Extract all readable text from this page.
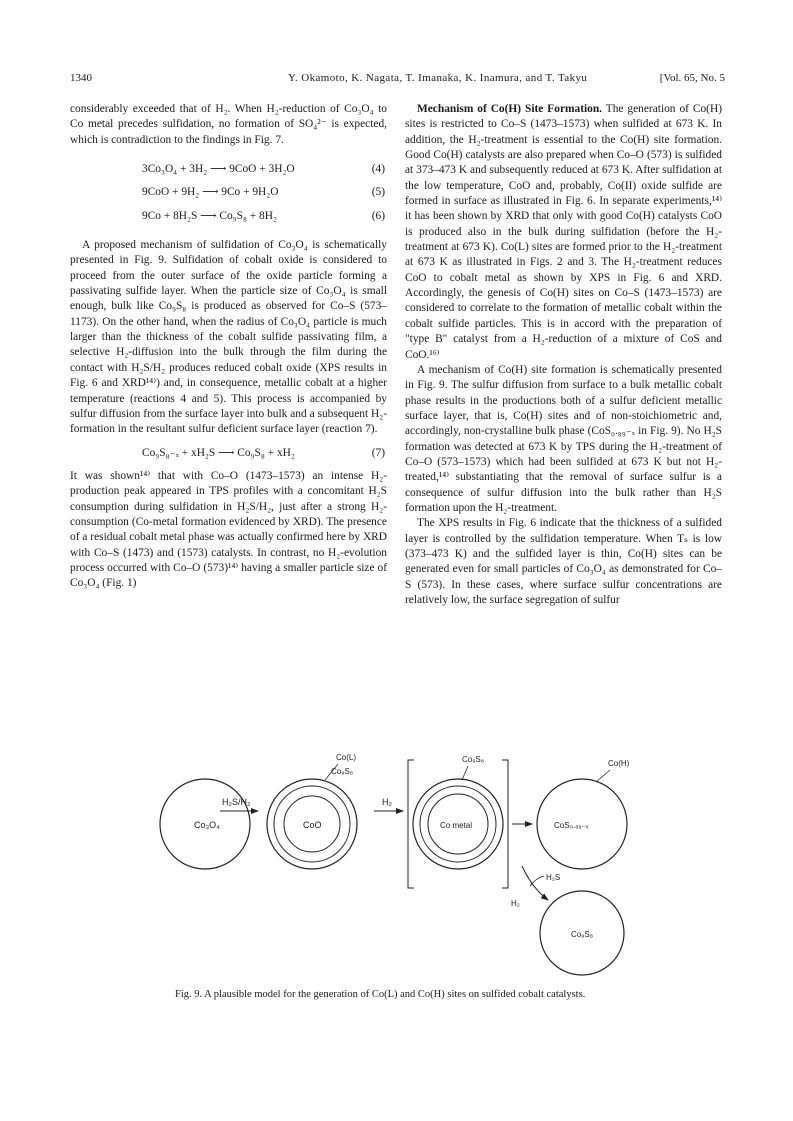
1340	Y. Okamoto, K. Nagata, T. Imanaka, K. Inamura, and T. Takyu	[Vol. 65, No. 5

considerably exceeded that of H₂. When H₂-reduction of Co₃O₄ to Co metal precedes sulfidation, no formation of SO₄²⁻ is expected, which is contradiction to the findings in Fig. 7.

3Co₃O₄ + 3H₂ ⟶ 9CoO + 3H₂O	(4)
9CoO + 9H₂ ⟶ 9Co + 9H₂O	(5)
9Co + 8H₂S ⟶ Co₉S₈ + 8H₂	(6)

A proposed mechanism of sulfidation of Co₃O₄ is schematically presented in Fig. 9. Sulfidation of cobalt oxide is considered to proceed from the outer surface of the oxide particle forming a passivating sulfide layer. When the particle size of Co₃O₄ is small enough, bulk like Co₉S₈ is produced as observed for Co–S (573–1173). On the other hand, when the radius of Co₃O₄ particle is much larger than the thickness of the cobalt sulfide passivating film, a selective H₂-diffusion into the bulk through the film during the contact with H₂S/H₂ produces reduced cobalt oxide (XPS results in Fig. 6 and XRD¹⁴⁾) and, in consequence, metallic cobalt at a higher temperature (reactions 4 and 5). This process is accompanied by sulfur diffusion from the surface layer into bulk and a subsequent H₂-formation in the resultant sulfur deficient surface layer (reaction 7).

Co₉S₈₋ₓ + xH₂S ⟶ Co₉S₈ + xH₂	(7)

It was shown¹⁴⁾ that with Co–O (1473–1573) an intense H₂-production peak appeared in TPS profiles with a concomitant H₂S consumption during sulfidation in H₂S/H₂, just after a strong H₂-consumption (Co-metal formation evidenced by XRD). The presence of a residual cobalt metal phase was actually confirmed here by XRD with Co–S (1473) and (1573) catalysts. In contrast, no H₂-evolution process occurred with Co–O (573)¹⁴⁾ having a smaller particle size of Co₃O₄ (Fig. 1)

Mechanism of Co(H) Site Formation. The generation of Co(H) sites is restricted to Co–S (1473–1573) when sulfided at 673 K. In addition, the H₂-treatment is essential to the Co(H) site formation. Good Co(H) catalysts are also prepared when Co–O (573) is sulfided at 373–473 K and subsequently reduced at 673 K. After sulfidation at the low temperature, CoO and, probably, Co(II) oxide sulfide are formed in surface as illustrated in Fig. 6. In separate experiments,¹⁴⁾ it has been shown by XRD that only with good Co(H) catalysts CoO is produced also in the bulk during sulfidation (before the H₂-treatment at 673 K). Co(L) sites are formed prior to the H₂-treatment at 673 K as illustrated in Figs. 2 and 3. The H₂-treatment reduces CoO to cobalt metal as shown by XPS in Fig. 6 and XRD. Accordingly, the genesis of Co(H) sites on Co–S (1473–1573) are considered to correlate to the formation of metallic cobalt within the cobalt sulfide particles. This is in accord with the preparation of "type B" catalyst from a H₂-reduction of a mixture of CoS and CoO.¹⁶⁾

A mechanism of Co(H) site formation is schematically presented in Fig. 9. The sulfur diffusion from surface to a bulk metallic cobalt phase results in the productions both of a sulfur deficient metallic surface layer, that is, Co(H) sites and of non-stoichiometric and, accordingly, non-crystalline bulk phase (CoS₀.₈₉₋ₓ in Fig. 9). No H₂S formation was detected at 673 K by TPS during the H₂-treatment of Co–O (573–1573) which had been sulfided at 673 K but not H₂-treated,¹⁴⁾ substantiating that the removal of surface sulfur is a consequence of sulfur diffusion into the bulk rather than H₂S formation upon the H₂-treatment.

The XPS results in Fig. 6 indicate that the thickness of a sulfided layer is controlled by the sulfidation temperature. When Tₛ is low (373–473 K) and the sulfided layer is thin, Co(H) sites can be generated even for small particles of Co₃O₄ as demonstrated for Co–S (573). In these cases, where surface sulfur concentrations are relatively low, the surface segregation of sulfur

Co₃O₄
H₂S/H₂
CoO
Co(L)
Co₉S₈
H₂
Co metal
Co₉S₈
CoS₀.₈₉₋ₓ
Co(H)
H₂S
H₂
Co₉S₈
Fig. 9. A plausible model for the generation of Co(L) and Co(H) sites on sulfided cobalt catalysts.
